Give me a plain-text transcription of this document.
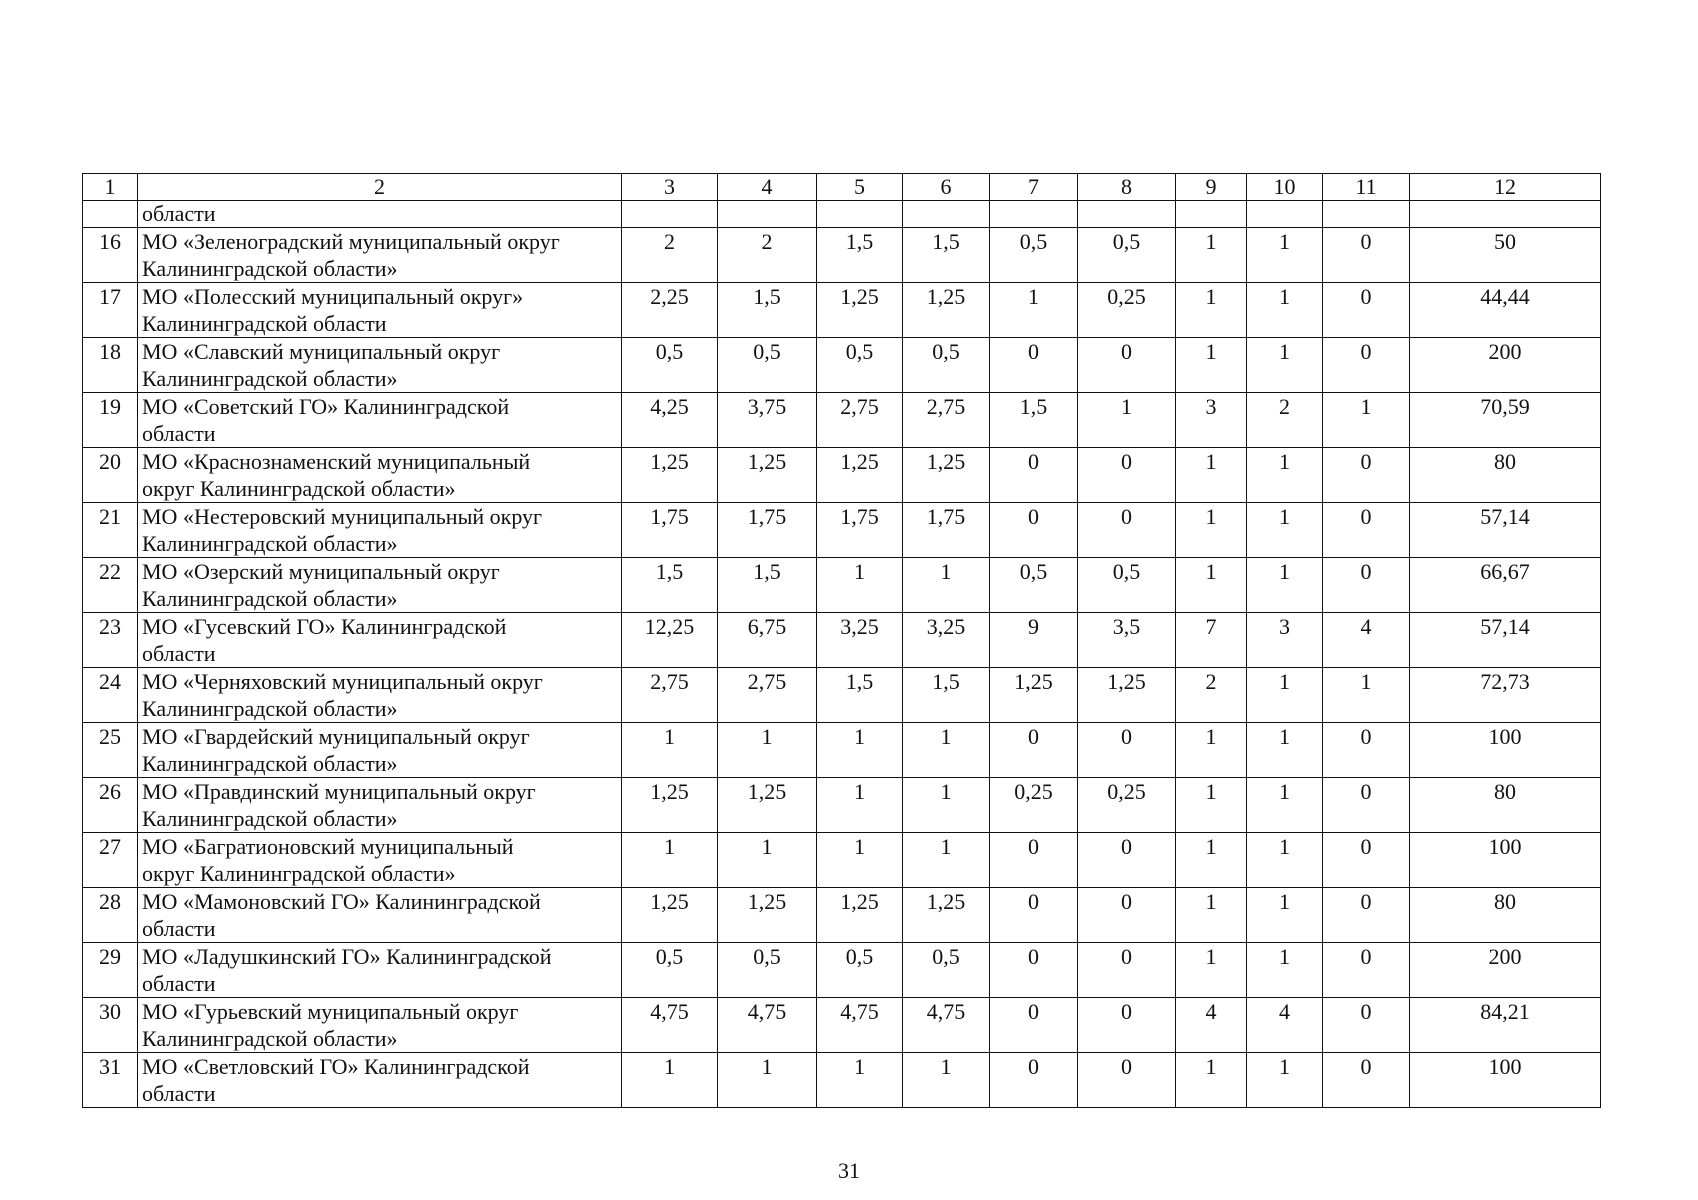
1	2	3	4	5	6	7	8	9	10	11	12
	области										
16	МО «Зеленоградский муниципальный округ
Калининградской области»	2	2	1,5	1,5	0,5	0,5	1	1	0	50
17	МО «Полесский муниципальный округ»
Калининградской области	2,25	1,5	1,25	1,25	1	0,25	1	1	0	44,44
18	МО «Славский муниципальный округ
Калининградской области»	0,5	0,5	0,5	0,5	0	0	1	1	0	200
19	МО «Советский ГО» Калининградской
области	4,25	3,75	2,75	2,75	1,5	1	3	2	1	70,59
20	МО «Краснознаменский муниципальный
округ Калининградской области»	1,25	1,25	1,25	1,25	0	0	1	1	0	80
21	МО «Нестеровский муниципальный округ
Калининградской области»	1,75	1,75	1,75	1,75	0	0	1	1	0	57,14
22	МО «Озерский муниципальный округ
Калининградской области»	1,5	1,5	1	1	0,5	0,5	1	1	0	66,67
23	МО «Гусевский ГО» Калининградской
области	12,25	6,75	3,25	3,25	9	3,5	7	3	4	57,14
24	МО «Черняховский муниципальный округ
Калининградской области»	2,75	2,75	1,5	1,5	1,25	1,25	2	1	1	72,73
25	МО «Гвардейский муниципальный округ
Калининградской области»	1	1	1	1	0	0	1	1	0	100
26	МО «Правдинский муниципальный округ
Калининградской области»	1,25	1,25	1	1	0,25	0,25	1	1	0	80
27	МО «Багратионовский муниципальный
округ Калининградской области»	1	1	1	1	0	0	1	1	0	100
28	МО «Мамоновский ГО» Калининградской
области	1,25	1,25	1,25	1,25	0	0	1	1	0	80
29	МО «Ладушкинский ГО» Калининградской
области	0,5	0,5	0,5	0,5	0	0	1	1	0	200
30	МО «Гурьевский муниципальный округ
Калининградской области»	4,75	4,75	4,75	4,75	0	0	4	4	0	84,21
31	МО «Светловский ГО» Калининградской
области	1	1	1	1	0	0	1	1	0	100
31
